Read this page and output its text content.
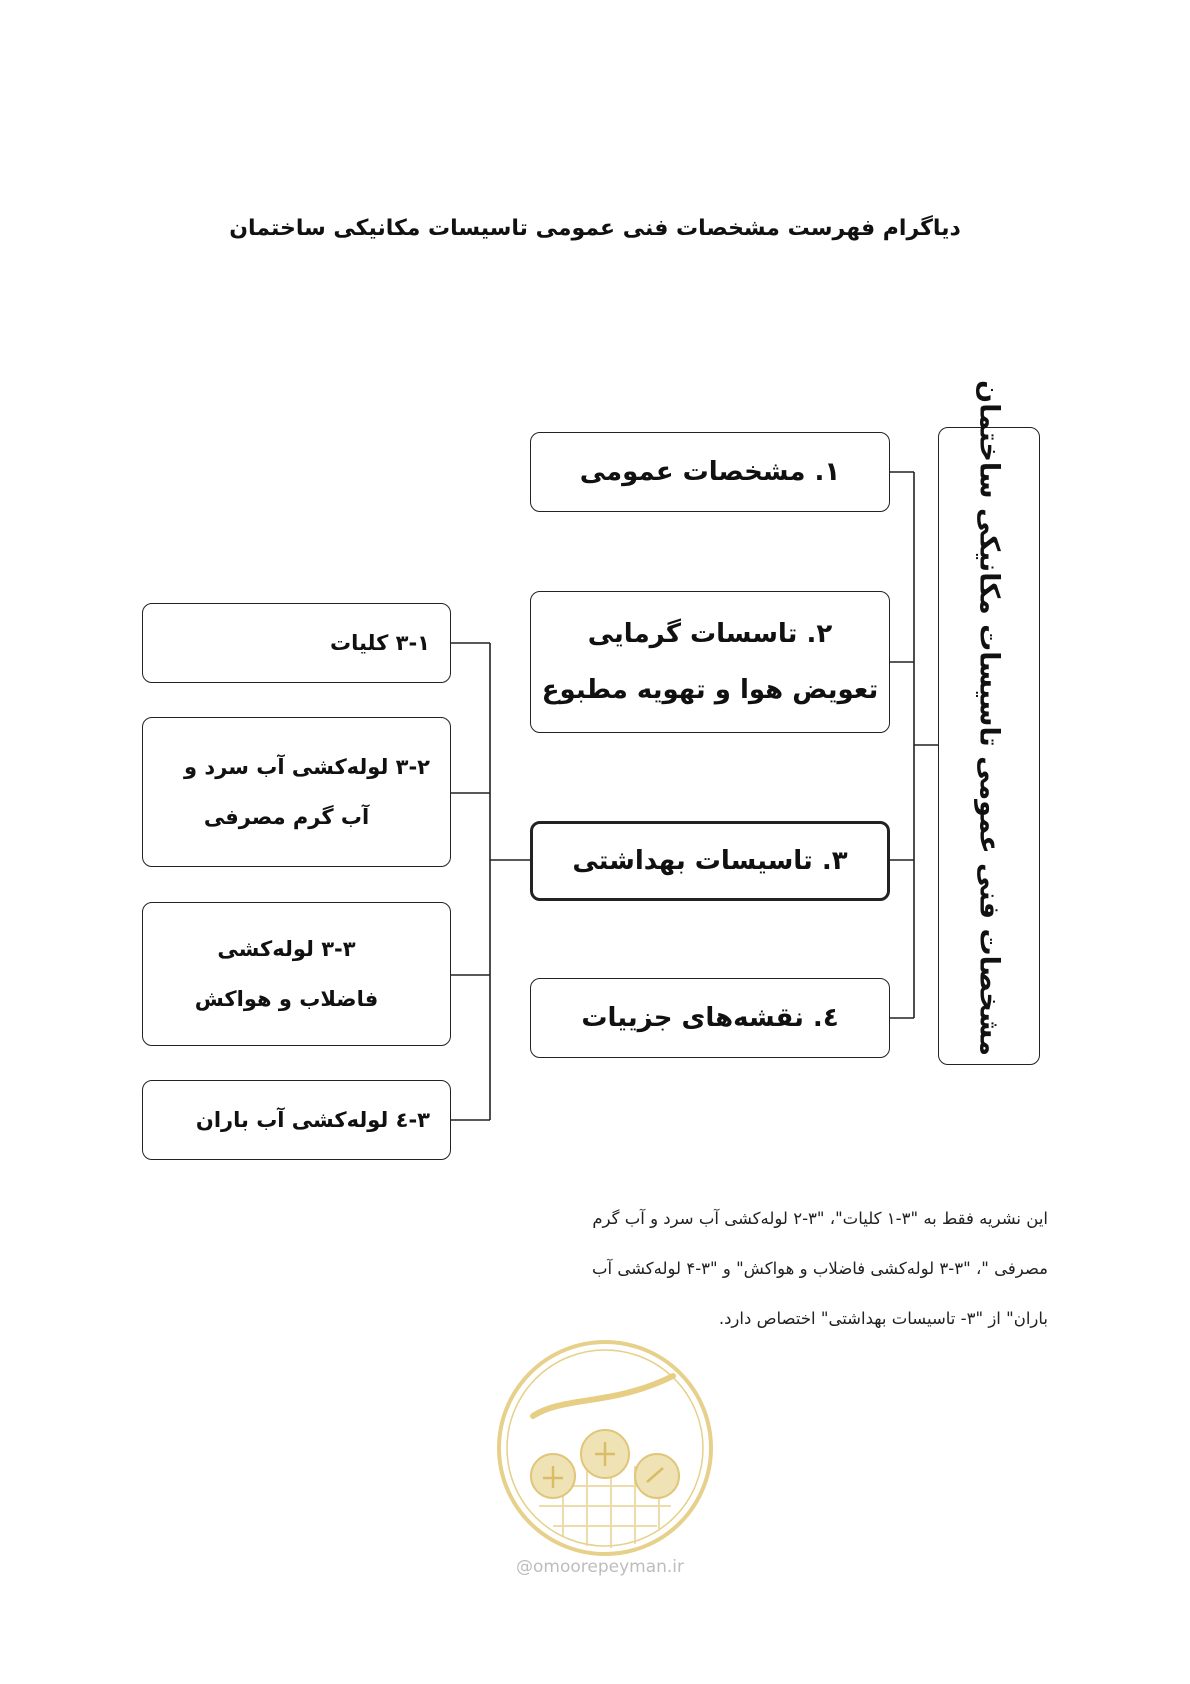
دیاگرام فهرست مشخصات فنی عمومی تاسیسات مکانیکی ساختمان
مشخصات فنی عمومی تاسیسات مکانیکی ساختمان
۱. مشخصات عمومی
۲. تاسسات گرمایی
تعویض هوا و تهویه مطبوع
۳. تاسیسات بهداشتی
٤. نقشه‌های جزییات
۳-۱ کلیات
۳-۲ لوله‌کشی آب سرد و
آب گرم مصرفی
۳-۳ لوله‌کشی
فاضلاب و هواکش
۳-٤ لوله‌کشی آب باران
این نشریه فقط به "۳-۱ کلیات"، "۳-۲ لوله‌کشی آب سرد و آب گرم
مصرفی "، "۳-۳ لوله‌کشی فاضلاب و هواکش" و "۳-۴ لوله‌کشی آب
باران" از "۳- تاسیسات بهداشتی" اختصاص دارد.
@omoorepeyman.ir
